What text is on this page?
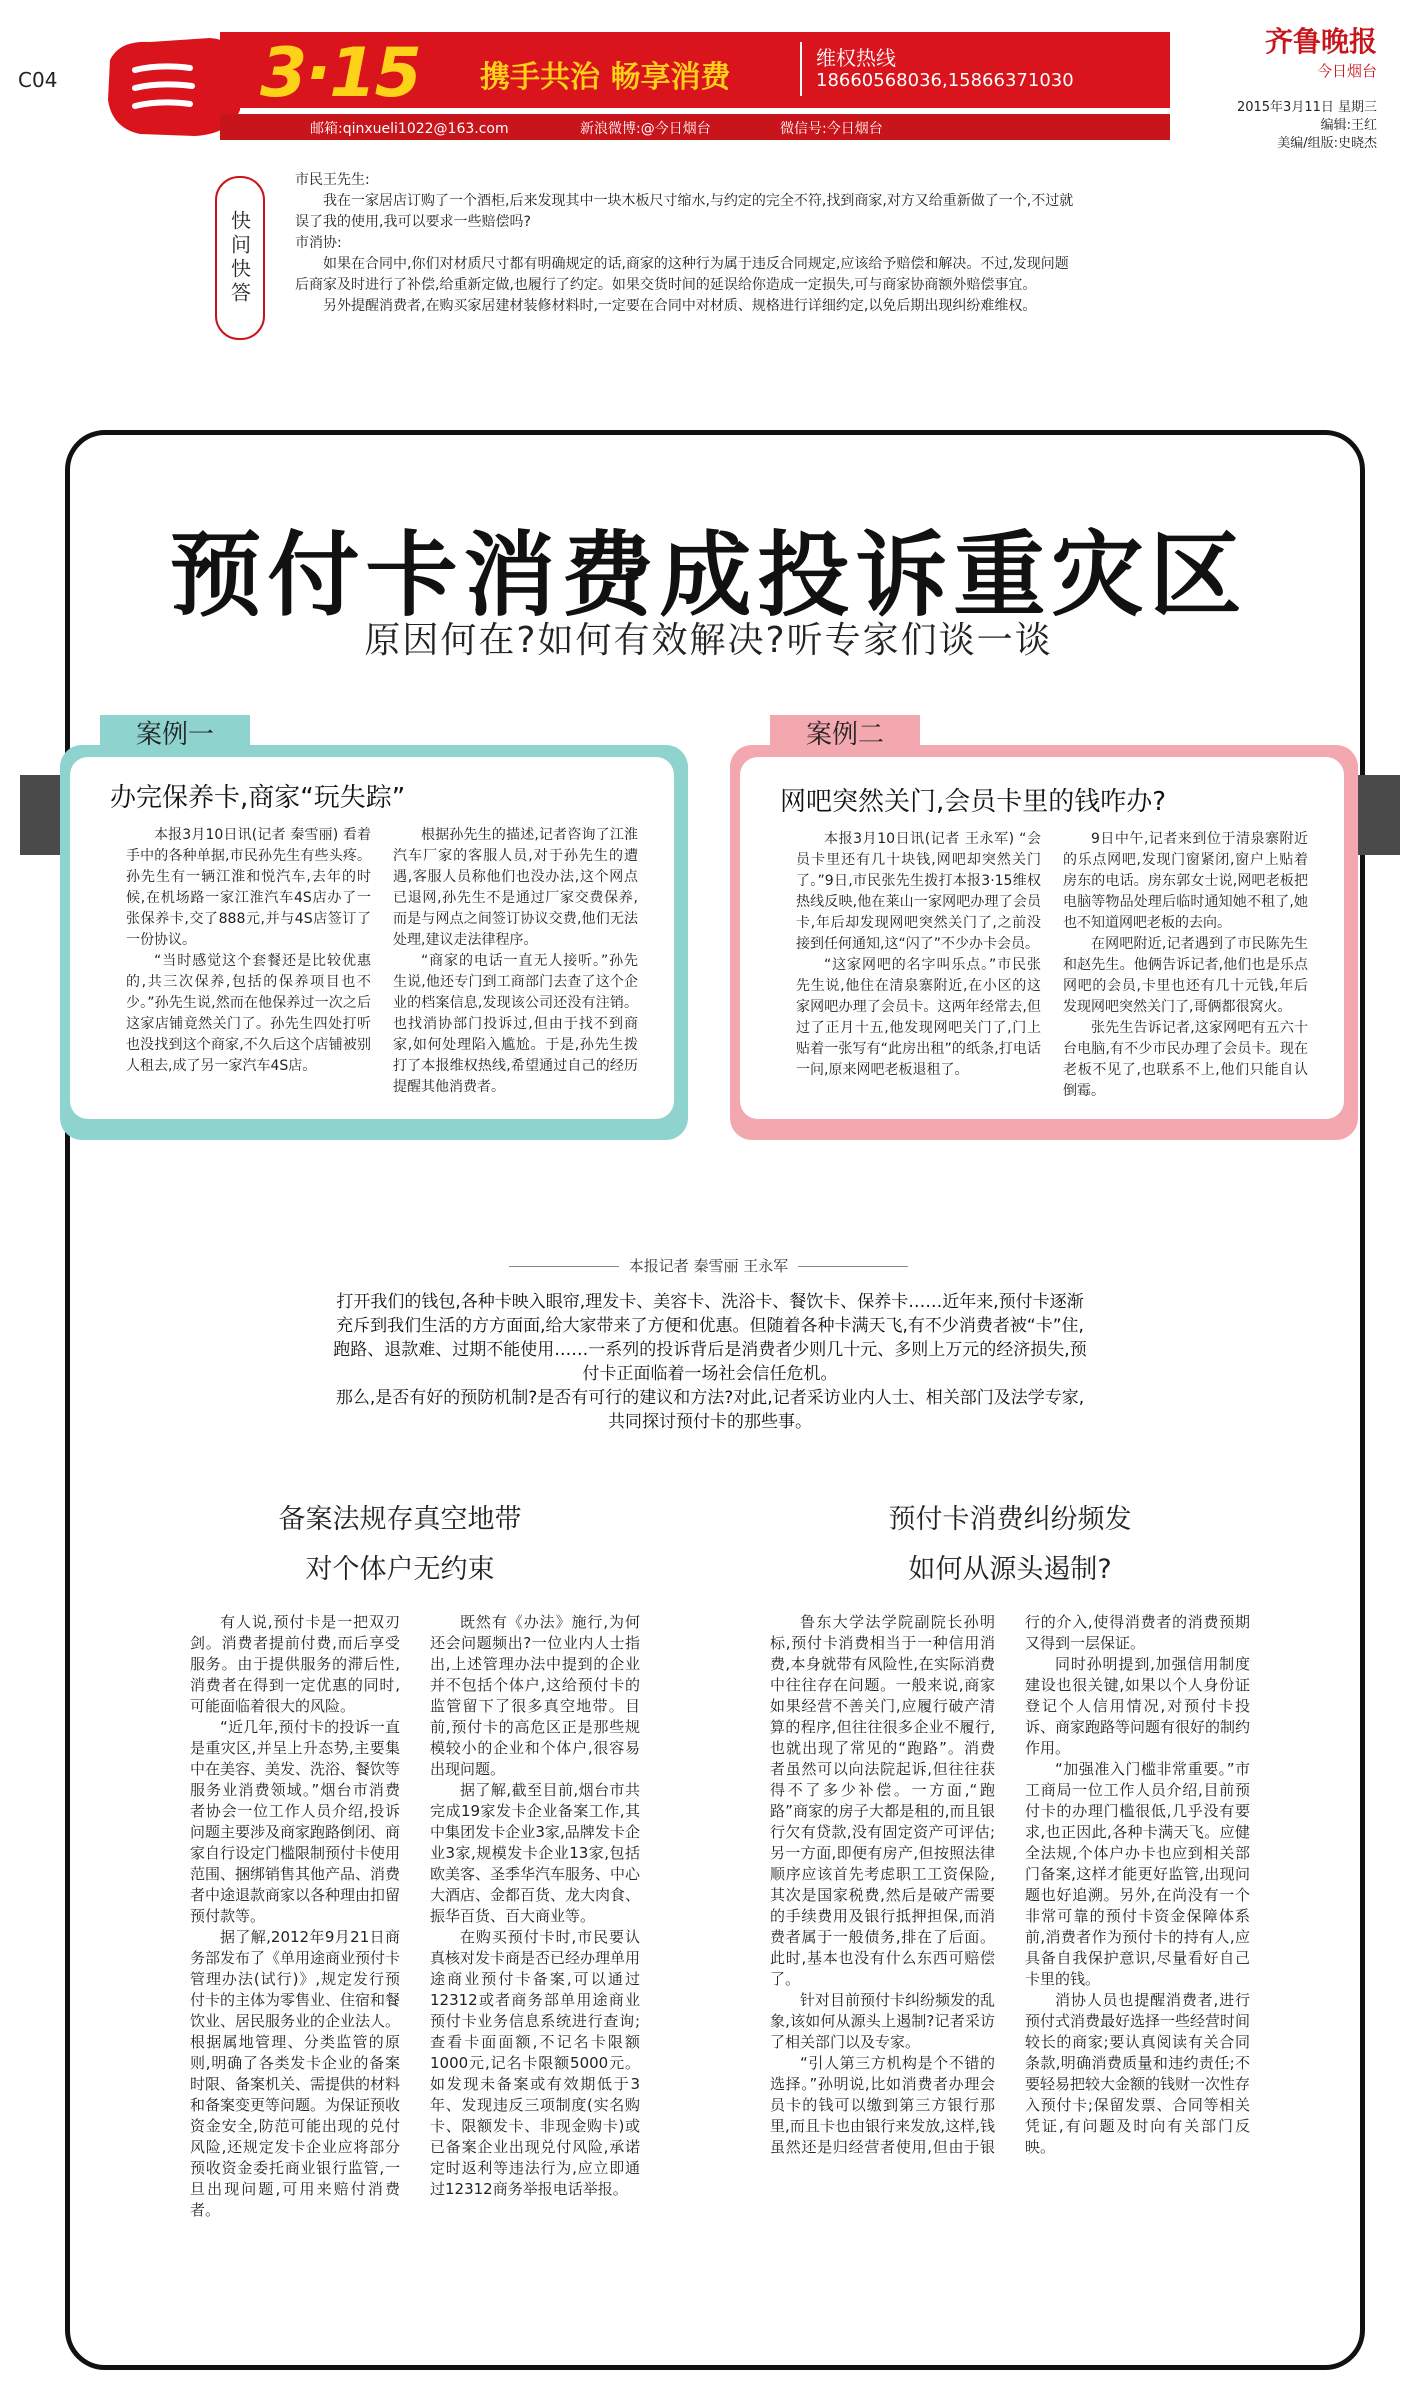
C04	3·15 携手共治 畅享消费
维权热线
18660568036,15866371030
邮箱:qinxueli1022@163.com	新浪微博:@今日烟台	微信号:今日烟台
齐鲁晚报
今日烟台
2015年3月11日 星期三
编辑:王红
美编/组版:史晓杰
快问快答

市民王先生:

我在一家居店订购了一个酒柜,后来发现其中一块木板尺寸缩水,与约定的完全不符,找到商家,对方又给重新做了一个,不过就误了我的使用,我可以要求一些赔偿吗?

市消协:

如果在合同中,你们对材质尺寸都有明确规定的话,商家的这种行为属于违反合同规定,应该给予赔偿和解决。不过,发现问题后商家及时进行了补偿,给重新定做,也履行了约定。如果交货时间的延误给你造成一定损失,可与商家协商额外赔偿事宜。

另外提醒消费者,在购买家居建材装修材料时,一定要在合同中对材质、规格进行详细约定,以免后期出现纠纷难维权。

预付卡消费成投诉重灾区
原因何在?如何有效解决?听专家们谈一谈
案例一
办完保养卡,商家“玩失踪”

本报3月10日讯(记者 秦雪丽) 看着手中的各种单据,市民孙先生有些头疼。孙先生有一辆江淮和悦汽车,去年的时候,在机场路一家江淮汽车4S店办了一张保养卡,交了888元,并与4S店签订了一份协议。

“当时感觉这个套餐还是比较优惠的,共三次保养,包括的保养项目也不少。”孙先生说,然而在他保养过一次之后这家店铺竟然关门了。孙先生四处打听也没找到这个商家,不久后这个店铺被别人租去,成了另一家汽车4S店。

根据孙先生的描述,记者咨询了江淮汽车厂家的客服人员,对于孙先生的遭遇,客服人员称他们也没办法,这个网点已退网,孙先生不是通过厂家交费保养,而是与网点之间签订协议交费,他们无法处理,建议走法律程序。

“商家的电话一直无人接听。”孙先生说,他还专门到工商部门去查了这个企业的档案信息,发现该公司还没有注销。也找消协部门投诉过,但由于找不到商家,如何处理陷入尴尬。于是,孙先生拨打了本报维权热线,希望通过自己的经历提醒其他消费者。

案例二
网吧突然关门,会员卡里的钱咋办?

本报3月10日讯(记者 王永军) “会员卡里还有几十块钱,网吧却突然关门了。”9日,市民张先生拨打本报3·15维权热线反映,他在莱山一家网吧办理了会员卡,年后却发现网吧突然关门了,之前没接到任何通知,这“闪了”不少办卡会员。

“这家网吧的名字叫乐点。”市民张先生说,他住在清泉寨附近,在小区的这家网吧办理了会员卡。这两年经常去,但过了正月十五,他发现网吧关门了,门上贴着一张写有“此房出租”的纸条,打电话一问,原来网吧老板退租了。

9日中午,记者来到位于清泉寨附近的乐点网吧,发现门窗紧闭,窗户上贴着房东的电话。房东郭女士说,网吧老板把电脑等物品处理后临时通知她不租了,她也不知道网吧老板的去向。

在网吧附近,记者遇到了市民陈先生和赵先生。他俩告诉记者,他们也是乐点网吧的会员,卡里也还有几十元钱,年后发现网吧突然关门了,哥俩都很窝火。

张先生告诉记者,这家网吧有五六十台电脑,有不少市民办理了会员卡。现在老板不见了,也联系不上,他们只能自认倒霉。

本报记者 秦雪丽 王永军

打开我们的钱包,各种卡映入眼帘,理发卡、美容卡、洗浴卡、餐饮卡、保养卡……近年来,预付卡逐渐充斥到我们生活的方方面面,给大家带来了方便和优惠。但随着各种卡满天飞,有不少消费者被“卡”住,跑路、退款难、过期不能使用……一系列的投诉背后是消费者少则几十元、多则上万元的经济损失,预付卡正面临着一场社会信任危机。

那么,是否有好的预防机制?是否有可行的建议和方法?对此,记者采访业内人士、相关部门及法学专家,共同探讨预付卡的那些事。

备案法规存真空地带
对个体户无约束

有人说,预付卡是一把双刃剑。消费者提前付费,而后享受服务。由于提供服务的滞后性,消费者在得到一定优惠的同时,可能面临着很大的风险。

“近几年,预付卡的投诉一直是重灾区,并呈上升态势,主要集中在美容、美发、洗浴、餐饮等服务业消费领域。”烟台市消费者协会一位工作人员介绍,投诉问题主要涉及商家跑路倒闭、商家自行设定门槛限制预付卡使用范围、捆绑销售其他产品、消费者中途退款商家以各种理由扣留预付款等。

据了解,2012年9月21日商务部发布了《单用途商业预付卡管理办法(试行)》,规定发行预付卡的主体为零售业、住宿和餐饮业、居民服务业的企业法人。根据属地管理、分类监管的原则,明确了各类发卡企业的备案时限、备案机关、需提供的材料和备案变更等问题。为保证预收资金安全,防范可能出现的兑付风险,还规定发卡企业应将部分预收资金委托商业银行监管,一旦出现问题,可用来赔付消费者。

既然有《办法》施行,为何还会问题频出?一位业内人士指出,上述管理办法中提到的企业并不包括个体户,这给预付卡的监管留下了很多真空地带。目前,预付卡的高危区正是那些规模较小的企业和个体户,很容易出现问题。

据了解,截至目前,烟台市共完成19家发卡企业备案工作,其中集团发卡企业3家,品牌发卡企业3家,规模发卡企业13家,包括欧美客、圣季华汽车服务、中心大酒店、金都百货、龙大肉食、振华百货、百大商业等。

在购买预付卡时,市民要认真核对发卡商是否已经办理单用途商业预付卡备案,可以通过12312或者商务部单用途商业预付卡业务信息系统进行查询;查看卡面面额,不记名卡限额1000元,记名卡限额5000元。如发现未备案或有效期低于3年、发现违反三项制度(实名购卡、限额发卡、非现金购卡)或已备案企业出现兑付风险,承诺定时返利等违法行为,应立即通过12312商务举报电话举报。

预付卡消费纠纷频发
如何从源头遏制?

鲁东大学法学院副院长孙明标,预付卡消费相当于一种信用消费,本身就带有风险性,在实际消费中往往存在问题。一般来说,商家如果经营不善关门,应履行破产清算的程序,但往往很多企业不履行,也就出现了常见的“跑路”。消费者虽然可以向法院起诉,但往往获得不了多少补偿。一方面,“跑路”商家的房子大都是租的,而且银行欠有贷款,没有固定资产可评估;另一方面,即便有房产,但按照法律顺序应该首先考虑职工工资保险,其次是国家税费,然后是破产需要的手续费用及银行抵押担保,而消费者属于一般债务,排在了后面。此时,基本也没有什么东西可赔偿了。

针对目前预付卡纠纷频发的乱象,该如何从源头上遏制?记者采访了相关部门以及专家。

“引人第三方机构是个不错的选择。”孙明说,比如消费者办理会员卡的钱可以缴到第三方银行那里,而且卡也由银行来发放,这样,钱虽然还是归经营者使用,但由于银行的介入,使得消费者的消费预期又得到一层保证。

同时孙明提到,加强信用制度建设也很关键,如果以个人身份证登记个人信用情况,对预付卡投诉、商家跑路等问题有很好的制约作用。

“加强准入门槛非常重要。”市工商局一位工作人员介绍,目前预付卡的办理门槛很低,几乎没有要求,也正因此,各种卡满天飞。应健全法规,个体户办卡也应到相关部门备案,这样才能更好监管,出现问题也好追溯。另外,在尚没有一个非常可靠的预付卡资金保障体系前,消费者作为预付卡的持有人,应具备自我保护意识,尽量看好自己卡里的钱。

消协人员也提醒消费者,进行预付式消费最好选择一些经营时间较长的商家;要认真阅读有关合同条款,明确消费质量和违约责任;不要轻易把较大金额的钱财一次性存入预付卡;保留发票、合同等相关凭证,有问题及时向有关部门反映。
